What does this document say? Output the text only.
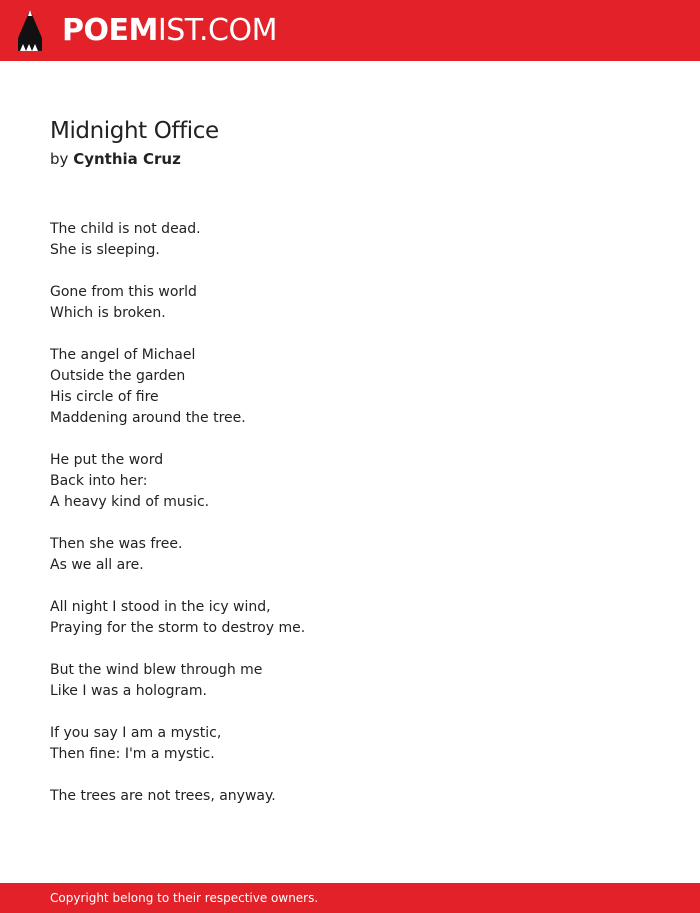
POEMIST.COM
Midnight Office
by Cynthia Cruz
The child is not dead.
She is sleeping.
Gone from this world
Which is broken.
The angel of Michael
Outside the garden
His circle of fire
Maddening around the tree.
He put the word
Back into her:
A heavy kind of music.
Then she was free.
As we all are.
All night I stood in the icy wind,
Praying for the storm to destroy me.
But the wind blew through me
Like I was a hologram.
If you say I am a mystic,
Then fine: I'm a mystic.
The trees are not trees, anyway.
Copyright belong to their respective owners.
